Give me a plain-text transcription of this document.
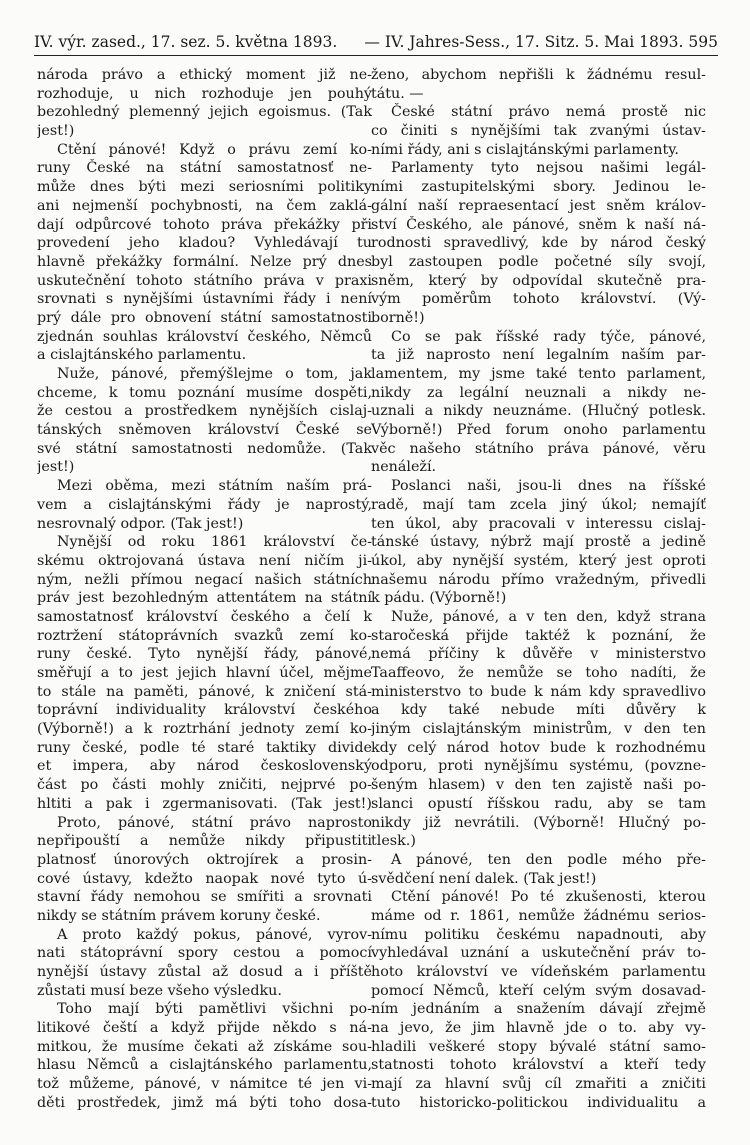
IV. výr. zased., 17. sez. 5. května 1893. — IV. Jahres-Sess., 17. Sitz. 5. Mai 1893. 595
národa právo a ethický moment již ne-
rozhoduje, u nich rozhoduje jen pouhý
bezohledný plemenný jejich egoismus. (Tak
jest!)
Ctění pánové! Když o právu zemí ko-
runy České na státní samostatnosť ne-
může dnes býti mezi seriosními politiky
ani nejmenší pochybnosti, na čem zaklá-
dají odpůrcové tohoto práva překážky při
provedení jeho kladou? Vyhledávají tu
hlavně překážky formální. Nelze prý dnes
uskutečnění tohoto státního práva v praxi
srovnati s nynějšími ústavními řády i není
prý dále pro obnovení státní samostatnosti
zjednán souhlas království českého, Němců
a cislajtánského parlamentu.
Nuže, pánové, přemýšlejme o tom, jak
chceme, k tomu poznání musíme dospěti,
že cestou a prostředkem nynějších cislaj-
tánských sněmoven království České se
své státní samostatnosti nedomůže. (Tak
jest!)
Mezi oběma, mezi státním naším prá-
vem a cislajtánskými řády je naprostý,
nesrovnalý odpor. (Tak jest!)
Nynější od roku 1861 království če-
skému oktrojovaná ústava není ničím ji-
ným, nežli přímou negací našich státních
práv jest bezohledným attentátem na státní
samostatnosť království českého a čelí k
roztržení státoprávních svazků zemí ko-
runy české. Tyto nynější řády, pánové,
směřují a to jest jejich hlavní účel, mějme
to stále na paměti, pánové, k zničení stá-
toprávní individuality království českého
(Výborně!) a k roztrhání jednoty zemí ko-
runy české, podle té staré taktiky divide
et impera, aby národ československý
část po části mohly zničiti, nejprvé po-
hltiti a pak i zgermanisovati. (Tak jest!)
Proto, pánové, státní právo naprosto
nepřipouští a nemůže nikdy připustiti
platnosť únorových oktrojírek a prosin-
cové ústavy, kdežto naopak nové tyto ú-
stavní řády nemohou se smířiti a srovnati
nikdy se státním právem koruny české.
A proto každý pokus, pánové, vyrov-
nati státoprávní spory cestou a pomocí
nynější ústavy zůstal až dosud a i příště
zůstati musí beze všeho výsledku.
Toho mají býti pamětlivi všichni po-
litikové čeští a když přijde někdo s ná-
mitkou, že musíme čekati až získáme sou-
hlasu Němců a cislajtánského parlamentu,
tož můžeme, pánové, v námitce té jen vi-
děti prostředek, jimž má býti toho dosa-
ženo, abychom nepřišli k žádnému resul-
tátu. —
České státní právo nemá prostě nic
co činiti s nynějšími tak zvanými ústav-
ními řády, ani s cislajtánskými parlamenty.
Parlamenty tyto nejsou našimi legál-
ními zastupitelskými sbory. Jedinou le-
gální naší repraesentací jest sněm králov-
ství Českého, ale pánové, sněm k naší ná-
rodnosti spravedlivý, kde by národ český
byl zastoupen podle početné síly svojí,
sněm, který by odpovídal skutečně pra-
vým poměrům tohoto království. (Vý-
borně!)
Co se pak říšské rady týče, pánové,
ta již naprosto není legalním naším par-
lamentem, my jsme také tento parlament,
nikdy za legální neuznali a nikdy ne-
uznali a nikdy neuznáme. (Hlučný potlesk.
Výborně!) Před forum onoho parlamentu
věc našeho státního práva pánové, věru
nenáleží.
Poslanci naši, jsou-li dnes na říšské
radě, mají tam zcela jiný úkol; nemajíť
ten úkol, aby pracovali v interessu cislaj-
tánské ústavy, nýbrž mají prostě a jedině
úkol, aby nynější systém, který jest oproti
našemu národu přímo vražedným, přivedli
k pádu. (Výborně!)
Nuže, pánové, a v ten den, když strana
staročeská přijde taktéž k poznání, že
nemá příčiny k důvěře v ministerstvo
Taaffeovo, že nemůže se toho nadíti, že
ministerstvo to bude k nám kdy spravedlivo
a kdy také nebude míti důvěry k
jiným cislajtánským ministrům, v den ten
kdy celý národ hotov bude k rozhodnému
odporu, proti nynějšímu systému, (povzne-
šeným hlasem) v den ten zajistě naši po-
slanci opustí říšskou radu, aby se tam
nikdy již nevrátili. (Výborně! Hlučný po-
tlesk.)
A pánové, ten den podle mého pře-
svědčení není dalek. (Tak jest!)
Ctění pánové! Po té zkušenosti, kterou
máme od r. 1861, nemůže žádnému serios-
nímu politiku českému napadnouti, aby
vyhledával uznání a uskutečnění práv to-
hoto království ve vídeňském parlamentu
pomocí Němců, kteří celým svým dosavad-
ním jednáním a snažením dávají zřejmě
na jevo, že jim hlavně jde o to. aby vy-
hladili veškeré stopy bývalé státní samo-
statnosti tohoto království a kteří tedy
mají za hlavní svůj cíl zmařiti a zničiti
tuto historicko-politickou individualitu a
